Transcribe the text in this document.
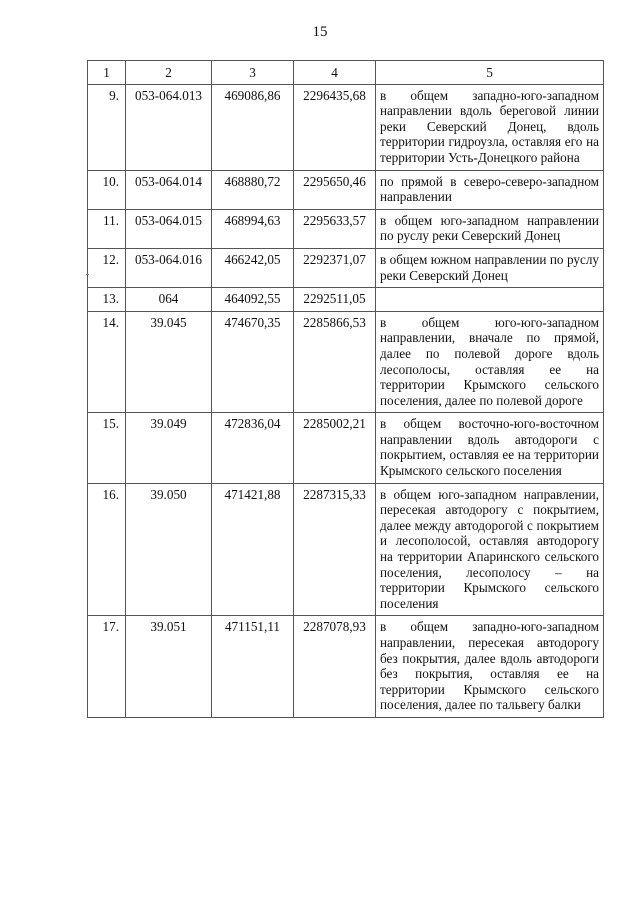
15
1	2	3	4	5
9.	053-064.013	469086,86	2296435,68	в общем западно-юго-западном направлении вдоль береговой линии реки Северский Донец, вдоль территории гидроузла, оставляя его на территории Усть-Донецкого района
10.	053-064.014	468880,72	2295650,46	по прямой в северо-северо-западном направлении
11.	053-064.015	468994,63	2295633,57	в общем юго-западном направлении по руслу реки Северский Донец
12.	053-064.016	466242,05	2292371,07	в общем южном направлении по руслу реки Северский Донец
13.	064	464092,55	2292511,05	
14.	39.045	474670,35	2285866,53	в общем юго-юго-западном направлении, вначале по прямой, далее по полевой дороге вдоль лесополосы, оставляя ее на территории Крымского сельского поселения, далее по полевой дороге
15.	39.049	472836,04	2285002,21	в общем восточно-юго-восточном направлении вдоль автодороги с покрытием, оставляя ее на территории Крымского сельского поселения
16.	39.050	471421,88	2287315,33	в общем юго-западном направлении, пересекая автодорогу с покрытием, далее между автодорогой с покрытием и лесополосой, оставляя автодорогу на территории Апаринского сельского поселения, лесополосу – на территории Крымского сельского поселения
17.	39.051	471151,11	2287078,93	в общем западно-юго-западном направлении, пересекая автодорогу без покрытия, далее вдоль автодороги без покрытия, оставляя ее на территории Крымского сельского поселения, далее по тальвегу балки
